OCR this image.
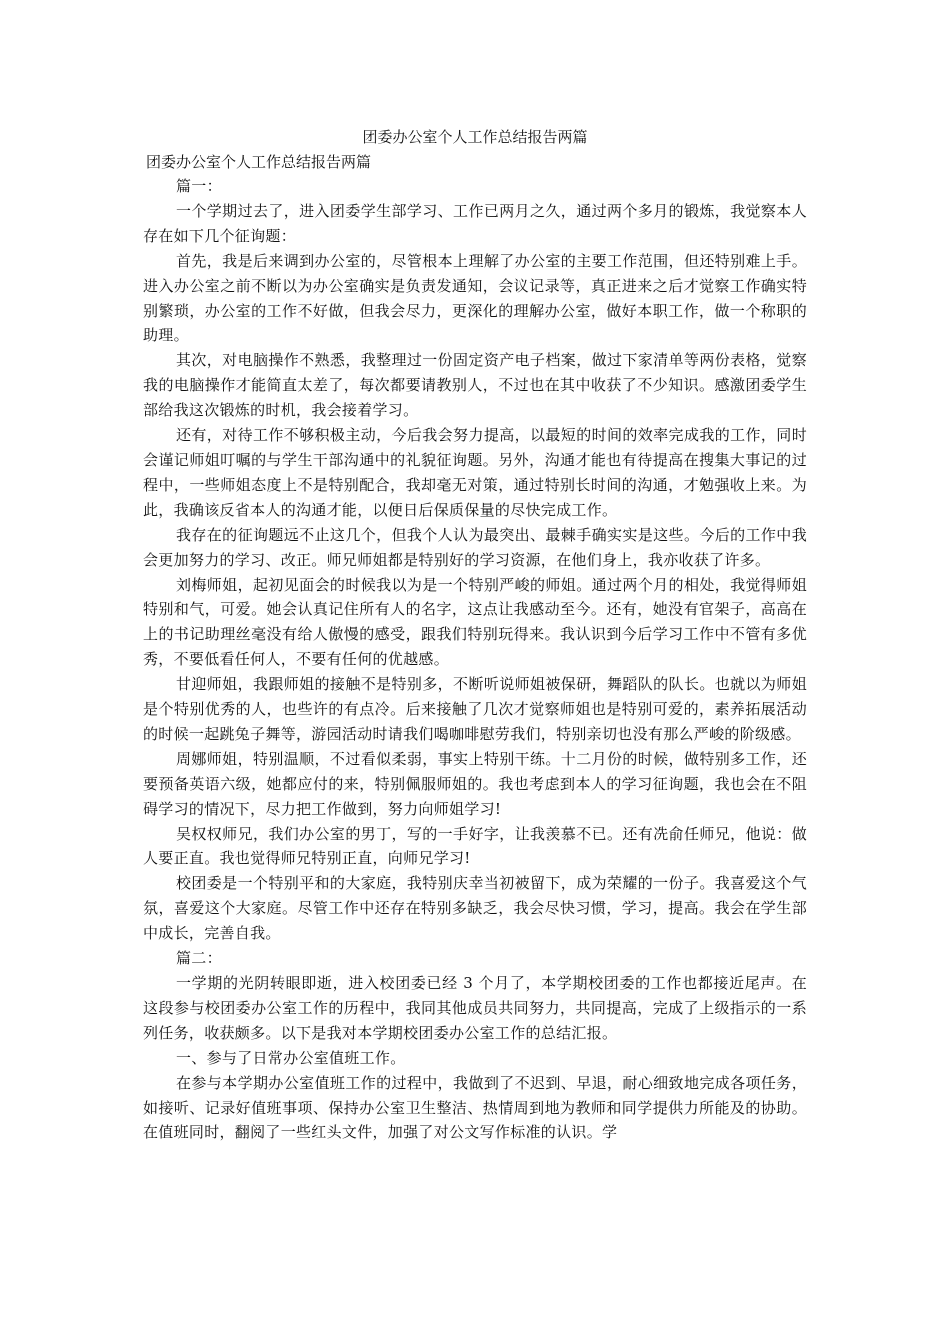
团委办公室个人工作总结报告两篇

团委办公室个人工作总结报告两篇

篇一：

一个学期过去了，进入团委学生部学习、工作已两月之久，通过两个多月的锻炼，我觉察本人存在如下几个征询题：

首先，我是后来调到办公室的，尽管根本上理解了办公室的主要工作范围，但还特别难上手。进入办公室之前不断以为办公室确实是负责发通知，会议记录等，真正进来之后才觉察工作确实特别繁琐，办公室的工作不好做，但我会尽力，更深化的理解办公室，做好本职工作，做一个称职的助理。

其次，对电脑操作不熟悉，我整理过一份固定资产电子档案，做过下家清单等两份表格，觉察我的电脑操作才能简直太差了，每次都要请教别人，不过也在其中收获了不少知识。感激团委学生部给我这次锻炼的时机，我会接着学习。

还有，对待工作不够积极主动，今后我会努力提高，以最短的时间的效率完成我的工作，同时会谨记师姐叮嘱的与学生干部沟通中的礼貌征询题。另外，沟通才能也有待提高在搜集大事记的过程中，一些师姐态度上不是特别配合，我却毫无对策，通过特别长时间的沟通，才勉强收上来。为此，我确该反省本人的沟通才能，以便日后保质保量的尽快完成工作。

我存在的征询题远不止这几个，但我个人认为最突出、最棘手确实实是这些。今后的工作中我会更加努力的学习、改正。师兄师姐都是特别好的学习资源，在他们身上，我亦收获了许多。

刘梅师姐，起初见面会的时候我以为是一个特别严峻的师姐。通过两个月的相处，我觉得师姐特别和气，可爱。她会认真记住所有人的名字，这点让我感动至今。还有，她没有官架子，高高在上的书记助理丝毫没有给人傲慢的感受，跟我们特别玩得来。我认识到今后学习工作中不管有多优秀，不要低看任何人，不要有任何的优越感。

甘迎师姐，我跟师姐的接触不是特别多，不断听说师姐被保研，舞蹈队的队长。也就以为师姐是个特别优秀的人，也些许的有点冷。后来接触了几次才觉察师姐也是特别可爱的，素养拓展活动的时候一起跳兔子舞等，游园活动时请我们喝咖啡慰劳我们，特别亲切也没有那么严峻的阶级感。

周娜师姐，特别温顺，不过看似柔弱，事实上特别干练。十二月份的时候，做特别多工作，还要预备英语六级，她都应付的来，特别佩服师姐的。我也考虑到本人的学习征询题，我也会在不阻碍学习的情况下，尽力把工作做到，努力向师姐学习!

吴权权师兄，我们办公室的男丁，写的一手好字，让我羡慕不已。还有冼俞任师兄，他说：做人要正直。我也觉得师兄特别正直，向师兄学习!

校团委是一个特别平和的大家庭，我特别庆幸当初被留下，成为荣耀的一份子。我喜爱这个气氛，喜爱这个大家庭。尽管工作中还存在特别多缺乏，我会尽快习惯，学习，提高。我会在学生部中成长，完善自我。

篇二：

一学期的光阴转眼即逝，进入校团委已经 3 个月了，本学期校团委的工作也都接近尾声。在这段参与校团委办公室工作的历程中，我同其他成员共同努力，共同提高，完成了上级指示的一系列任务，收获颇多。以下是我对本学期校团委办公室工作的总结汇报。

一、参与了日常办公室值班工作。

在参与本学期办公室值班工作的过程中，我做到了不迟到、早退，耐心细致地完成各项任务，如接听、记录好值班事项、保持办公室卫生整洁、热情周到地为教师和同学提供力所能及的协助。在值班同时，翻阅了一些红头文件，加强了对公文写作标准的认识。学
